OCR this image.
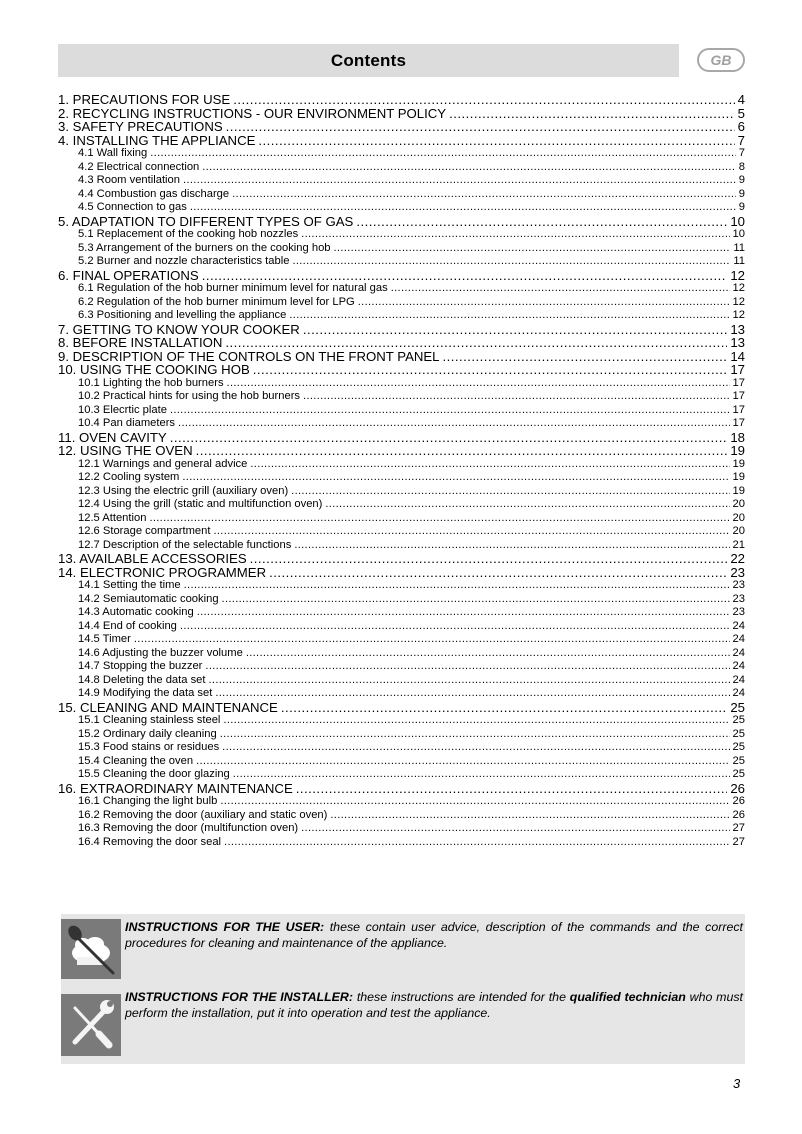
Contents	GB
1. PRECAUTIONS FOR USE . . .	4
2. RECYCLING INSTRUCTIONS - OUR ENVIRONMENT POLICY . . .	5
3. SAFETY PRECAUTIONS . . .	6
4. INSTALLING THE APPLIANCE . . .	7
4.1 Wall fixing . . .	7
4.2 Electrical connection . . .	8
4.3 Room ventilation . . .	9
4.4 Combustion gas discharge . . .	9
4.5 Connection to gas . . .	9
5. ADAPTATION TO DIFFERENT TYPES OF GAS . . .	10
5.1 Replacement of the cooking hob nozzles . . .	10
5.3 Arrangement of the burners on the cooking hob . . .	11
5.2 Burner and nozzle characteristics table . . .	11
6. FINAL OPERATIONS . . .	12
6.1 Regulation of the hob burner minimum level for natural gas . . .	12
6.2 Regulation of the hob burner minimum level for LPG . . .	12
6.3 Positioning and levelling the appliance . . .	12
7. GETTING TO KNOW YOUR COOKER . . .	13
8. BEFORE INSTALLATION . . .	13
9. DESCRIPTION OF THE CONTROLS ON THE FRONT PANEL . . .	14
10. USING THE COOKING HOB . . .	17
10.1 Lighting the hob burners . . .	17
10.2 Practical hints for using the hob burners . . .	17
10.3 Elecrtic plate . . .	17
10.4 Pan diameters . . .	17
11. OVEN CAVITY . . .	18
12. USING THE OVEN . . .	19
12.1 Warnings and general advice . . .	19
12.2 Cooling system . . .	19
12.3 Using the electric grill (auxiliary oven) . . .	19
12.4 Using the grill (static and multifunction oven) . . .	20
12.5 Attention . . .	20
12.6 Storage compartment . . .	20
12.7 Description of the selectable functions . . .	21
13. AVAILABLE ACCESSORIES . . .	22
14. ELECTRONIC PROGRAMMER . . .	23
14.1 Setting the time . . .	23
14.2 Semiautomatic cooking . . .	23
14.3 Automatic cooking . . .	23
14.4 End of cooking . . .	24
14.5 Timer . . .	24
14.6 Adjusting the buzzer volume . . .	24
14.7 Stopping the buzzer . . .	24
14.8 Deleting the data set . . .	24
14.9 Modifying the data set . . .	24
15. CLEANING AND MAINTENANCE . . .	25
15.1 Cleaning stainless steel . . .	25
15.2 Ordinary daily cleaning . . .	25
15.3 Food stains or residues . . .	25
15.4 Cleaning the oven . . .	25
15.5 Cleaning the door glazing . . .	25
16. EXTRAORDINARY MAINTENANCE . . .	26
16.1 Changing the light bulb . . .	26
16.2 Removing the door (auxiliary and static oven) . . .	26
16.3 Removing the door (multifunction oven) . . .	27
16.4 Removing the door seal . . .	27
INSTRUCTIONS FOR THE USER: these contain user advice, description of the commands and the correct procedures for cleaning and maintenance of the appliance.
INSTRUCTIONS FOR THE INSTALLER: these instructions are intended for the qualified technician who must perform the installation, put it into operation and test the appliance.
3
